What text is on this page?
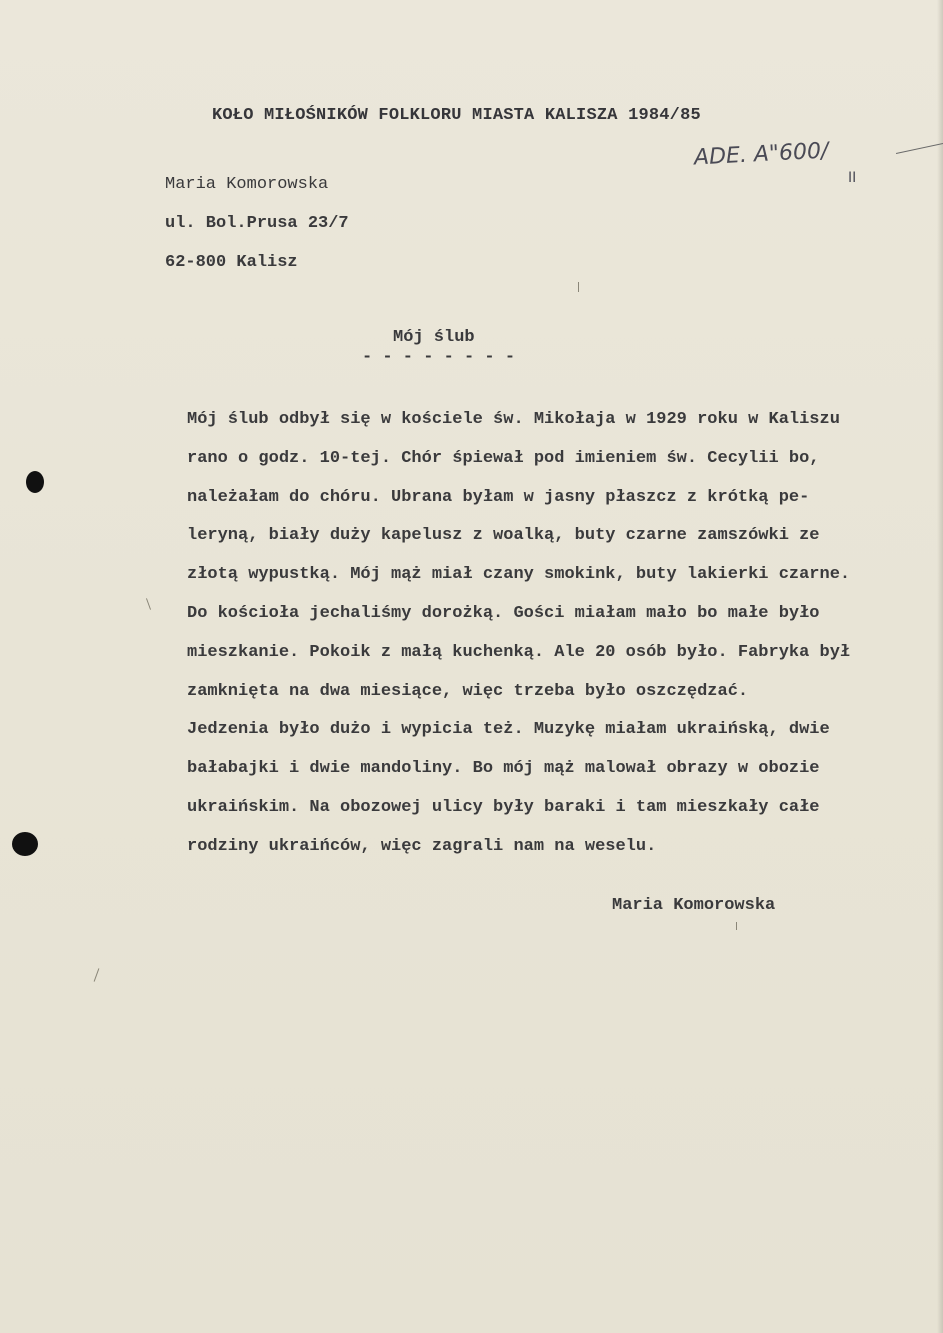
KOŁO MIŁOŚNIKÓW FOLKLORU MIASTA KALISZA 1984/85
ADE. A"600/
II
Maria Komorowska
ul. Bol.Prusa 23/7
62-800 Kalisz
Mój ślub
- - - - - - - -
Mój ślub odbył się w kościele św. Mikołaja w 1929 roku w Kaliszu
rano o godz. 10-tej. Chór śpiewał pod imieniem św. Cecylii bo,
należałam do chóru. Ubrana byłam w jasny płaszcz z krótką pe-
leryną, biały duży kapelusz z woalką, buty czarne zamszówki ze
złotą wypustką. Mój mąż miał czany smokink, buty lakierki czarne.
Do kościoła jechaliśmy dorożką. Gości miałam mało bo małe było
mieszkanie. Pokoik z małą kuchenką. Ale 20 osób było. Fabryka był
zamknięta na dwa miesiące, więc trzeba było oszczędzać.
Jedzenia było dużo i wypicia też. Muzykę miałam ukraińską, dwie
bałabajki i dwie mandoliny. Bo mój mąż malował obrazy w obozie
ukraińskim. Na obozowej ulicy były baraki i tam mieszkały całe
rodziny ukraińców, więc zagrali nam na weselu.
Maria Komorowska
